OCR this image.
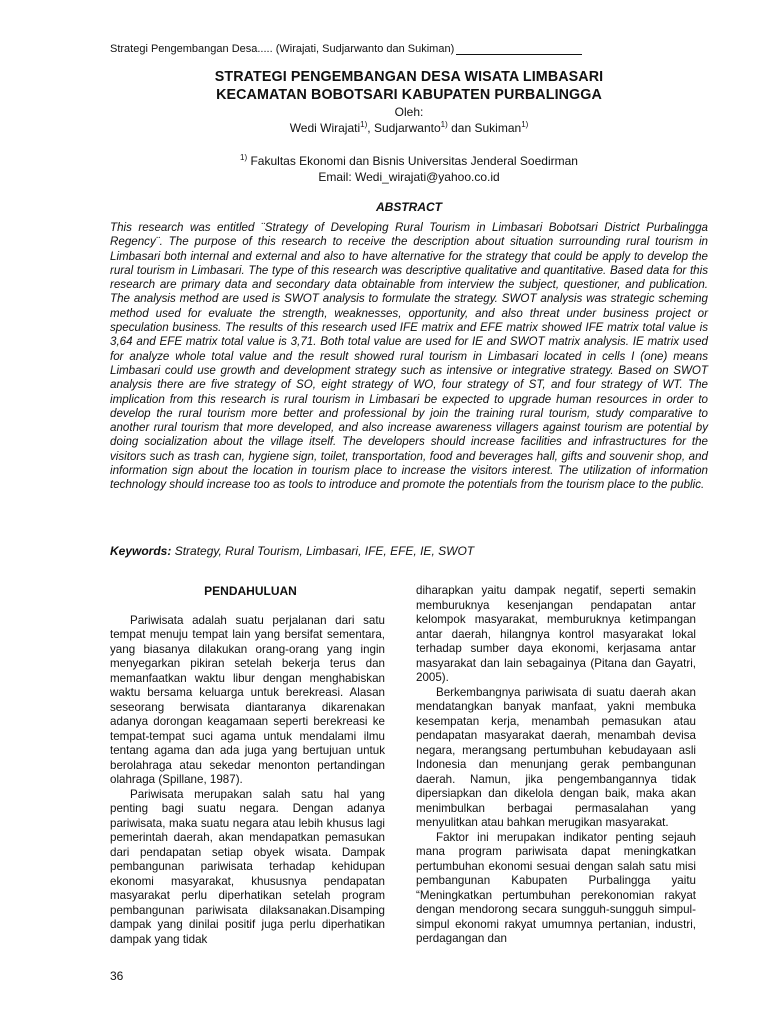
Strategi Pengembangan Desa..... (Wirajati, Sudjarwanto dan Sukiman)
STRATEGI PENGEMBANGAN DESA WISATA LIMBASARI
KECAMATAN BOBOTSARI KABUPATEN PURBALINGGA
Oleh:
Wedi Wirajati$^{1)}$, Sudjarwanto$^{1)}$ dan Sukiman$^{1)}$
$^{1)}$ Fakultas Ekonomi dan Bisnis Universitas Jenderal Soedirman
Email: Wedi_wirajati@yahoo.co.id
ABSTRACT
This research was entitled ¨Strategy of Developing Rural Tourism in Limbasari Bobotsari District Purbalingga Regency¨. The purpose of this research to receive the description about situation surrounding rural tourism in Limbasari both internal and external and also to have alternative for the strategy that could be apply to develop the rural tourism in Limbasari. The type of this research was descriptive qualitative and quantitative. Based data for this research are primary data and secondary data obtainable from interview the subject, questioner, and publication. The analysis method are used is SWOT analysis to formulate the strategy. SWOT analysis was strategic scheming method used for evaluate the strength, weaknesses, opportunity, and also threat under business project or speculation business. The results of this research used IFE matrix and EFE matrix showed IFE matrix total value is 3,64 and EFE matrix total value is 3,71. Both total value are used for IE and SWOT matrix analysis. IE matrix used for analyze whole total value and the result showed rural tourism in Limbasari located in cells I (one) means Limbasari could use growth and development strategy such as intensive or integrative strategy. Based on SWOT analysis there are five strategy of SO, eight strategy of WO, four strategy of ST, and four strategy of WT. The implication from this research is rural tourism in Limbasari be expected to upgrade human resources in order to develop the rural tourism more better and professional by join the training rural tourism, study comparative to another rural tourism that more developed, and also increase awareness villagers against tourism are potential by doing socialization about the village itself. The developers should increase facilities and infrastructures for the visitors such as trash can, hygiene sign, toilet, transportation, food and beverages hall, gifts and souvenir shop, and information sign about the location in tourism place to increase the visitors interest. The utilization of information technology should increase too as tools to introduce and promote the potentials from the tourism place to the public.
Keywords: Strategy, Rural Tourism, Limbasari, IFE, EFE, IE, SWOT
PENDAHULUAN

Pariwisata adalah suatu perjalanan dari satu tempat menuju tempat lain yang bersifat sementara, yang biasanya dilakukan orang-orang yang ingin menyegarkan pikiran setelah bekerja terus dan memanfaatkan waktu libur dengan menghabiskan waktu bersama keluarga untuk berekreasi. Alasan seseorang berwisata diantaranya dikarenakan adanya dorongan keagamaan seperti berekreasi ke tempat-tempat suci agama untuk mendalami ilmu tentang agama dan ada juga yang bertujuan untuk berolahraga atau sekedar menonton pertandingan olahraga (Spillane, 1987).

Pariwisata merupakan salah satu hal yang penting bagi suatu negara. Dengan adanya pariwisata, maka suatu negara atau lebih khusus lagi pemerintah daerah, akan mendapatkan pemasukan dari pendapatan setiap obyek wisata. Dampak pembangunan pariwisata terhadap kehidupan ekonomi masyarakat, khususnya pendapatan masyarakat perlu diperhatikan setelah program pembangunan pariwisata dilaksanakan.Disamping dampak yang dinilai positif juga perlu diperhatikan dampak yang tidak

diharapkan yaitu dampak negatif, seperti semakin memburuknya kesenjangan pendapatan antar kelompok masyarakat, memburuknya ketimpangan antar daerah, hilangnya kontrol masyarakat lokal terhadap sumber daya ekonomi, kerjasama antar masyarakat dan lain sebagainya (Pitana dan Gayatri, 2005).

Berkembangnya pariwisata di suatu daerah akan mendatangkan banyak manfaat, yakni membuka kesempatan kerja, menambah pemasukan atau pendapatan masyarakat daerah, menambah devisa negara, merangsang pertumbuhan kebudayaan asli Indonesia dan menunjang gerak pembangunan daerah. Namun, jika pengembangannya tidak dipersiapkan dan dikelola dengan baik, maka akan menimbulkan berbagai permasalahan yang menyulitkan atau bahkan merugikan masyarakat.

Faktor ini merupakan indikator penting sejauh mana program pariwisata dapat meningkatkan pertumbuhan ekonomi sesuai dengan salah satu misi pembangunan Kabupaten Purbalingga yaitu “Meningkatkan pertumbuhan perekonomian rakyat dengan mendorong secara sungguh-sungguh simpul-simpul ekonomi rakyat umumnya pertanian, industri, perdagangan dan

36
